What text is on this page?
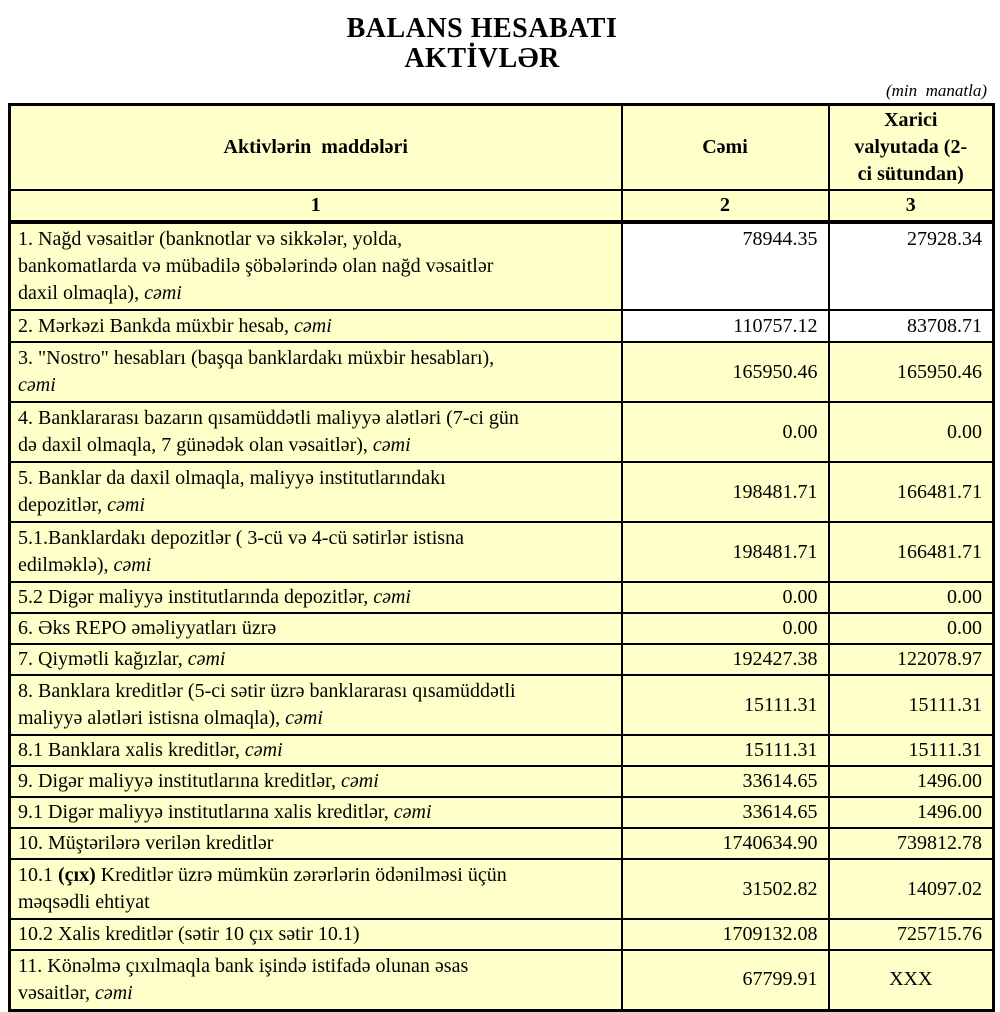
BALANS HESABATI
AKTİVLƏR
(min  manatla)
Aktivlərin  maddələri	Cəmi	Xarici
valyutada (2-
ci sütundan)
1	2	3
1. Nağd vəsaitlər (banknotlar və sikkələr, yolda,
bankomatlarda və mübadilə şöbələrində olan nağd vəsaitlər
daxil olmaqla), cəmi	78944.35	27928.34
2. Mərkəzi Bankda müxbir hesab, cəmi	110757.12	83708.71
3. "Nostro" hesabları (başqa banklardakı müxbir hesabları),
cəmi	165950.46	165950.46
4. Banklararası bazarın qısamüddətli maliyyə alətləri (7-ci gün
də daxil olmaqla, 7 günədək olan vəsaitlər), cəmi	0.00	0.00
5. Banklar da daxil olmaqla, maliyyə institutlarındakı
depozitlər, cəmi	198481.71	166481.71
5.1.Banklardakı depozitlər ( 3-cü və 4-cü sətirlər istisna
edilməklə), cəmi	198481.71	166481.71
5.2 Digər maliyyə institutlarında depozitlər, cəmi	0.00	0.00
6. Əks REPO əməliyyatları üzrə	0.00	0.00
7. Qiymətli kağızlar, cəmi	192427.38	122078.97
8. Banklara kreditlər (5-ci sətir üzrə banklararası qısamüddətli
maliyyə alətləri istisna olmaqla), cəmi	15111.31	15111.31
8.1 Banklara xalis kreditlər, cəmi	15111.31	15111.31
9. Digər maliyyə institutlarına kreditlər, cəmi	33614.65	1496.00
9.1 Digər maliyyə institutlarına xalis kreditlər, cəmi	33614.65	1496.00
10. Müştərilərə verilən kreditlər	1740634.90	739812.78
10.1 (çıx) Kreditlər üzrə mümkün zərərlərin ödənilməsi üçün
məqsədli ehtiyat	31502.82	14097.02
10.2 Xalis kreditlər (sətir 10 çıx sətir 10.1)	1709132.08	725715.76
11. Könəlmə çıxılmaqla bank işində istifadə olunan əsas
vəsaitlər, cəmi	67799.91	XXX
